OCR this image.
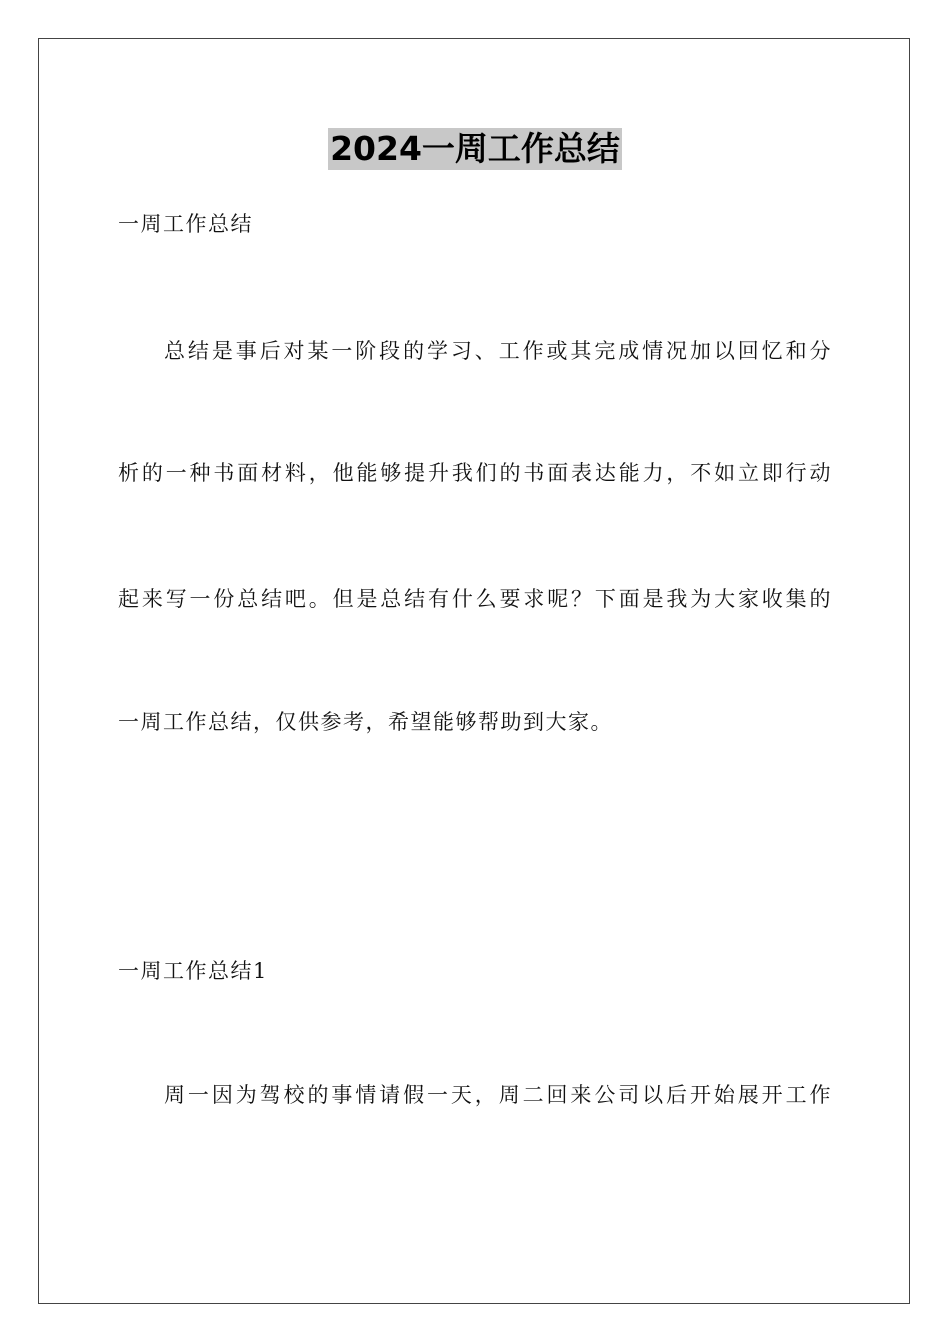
2024一周工作总结
一周工作总结
总结是事后对某一阶段的学习、工作或其完成情况加以回忆和分
析的一种书面材料，他能够提升我们的书面表达能力，不如立即行动
起来写一份总结吧。但是总结有什么要求呢？下面是我为大家收集的
一周工作总结，仅供参考，希望能够帮助到大家。
一周工作总结1
周一因为驾校的事情请假一天，周二回来公司以后开始展开工作
